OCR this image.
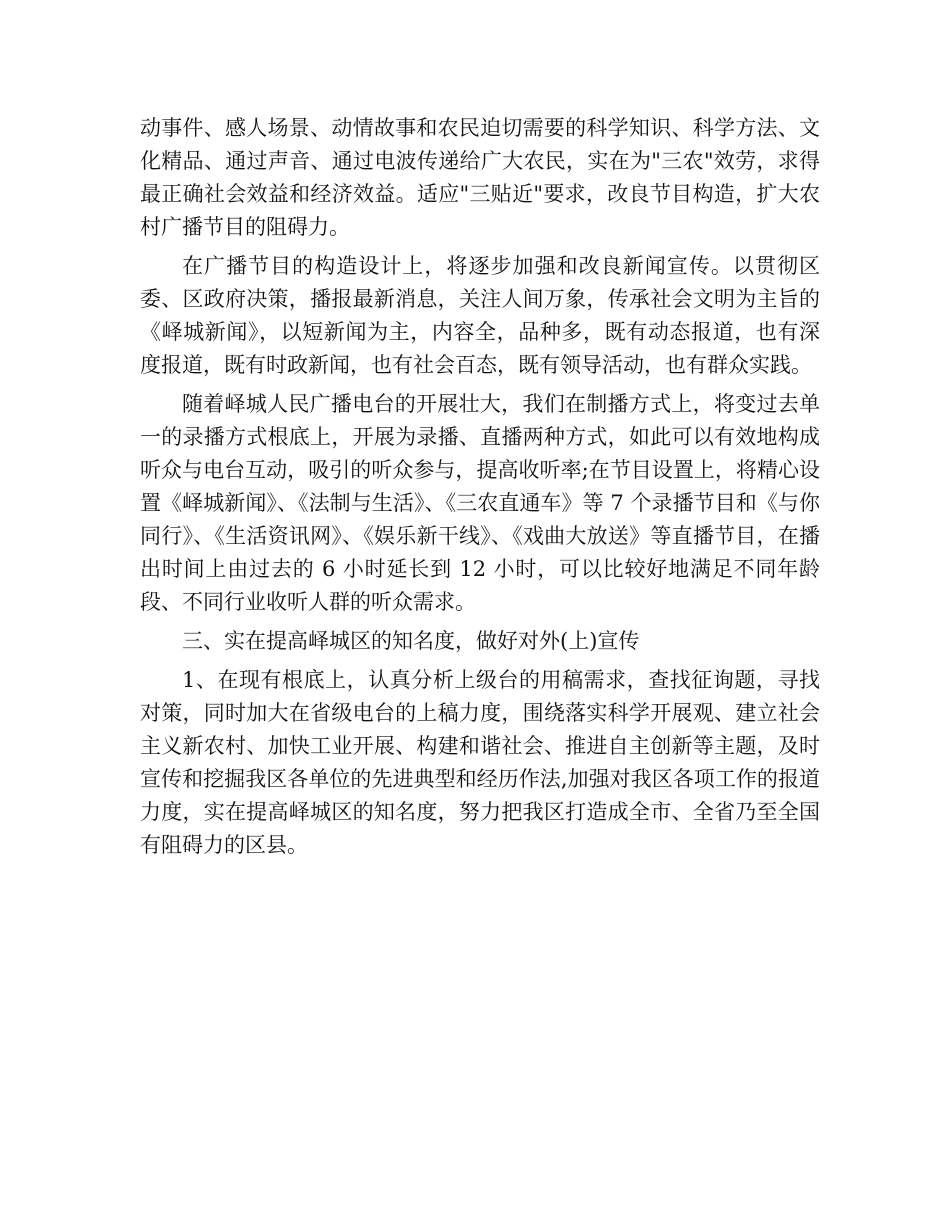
动事件、感人场景、动情故事和农民迫切需要的科学知识、科学方法、文化精品、通过声音、通过电波传递给广大农民，实在为"三农"效劳，求得最正确社会效益和经济效益。适应"三贴近"要求，改良节目构造，扩大农村广播节目的阻碍力。

在广播节目的构造设计上，将逐步加强和改良新闻宣传。以贯彻区委、区政府决策，播报最新消息，关注人间万象，传承社会文明为主旨的《峄城新闻》，以短新闻为主，内容全，品种多，既有动态报道，也有深度报道，既有时政新闻，也有社会百态，既有领导活动，也有群众实践。

随着峄城人民广播电台的开展壮大，我们在制播方式上，将变过去单一的录播方式根底上，开展为录播、直播两种方式，如此可以有效地构成听众与电台互动，吸引的听众参与，提高收听率;在节目设置上，将精心设置《峄城新闻》、《法制与生活》、《三农直通车》等 7 个录播节目和《与你同行》、《生活资讯网》、《娱乐新干线》、《戏曲大放送》等直播节目，在播出时间上由过去的 6 小时延长到 12 小时，可以比较好地满足不同年龄段、不同行业收听人群的听众需求。

三、实在提高峄城区的知名度，做好对外(上)宣传

1、在现有根底上，认真分析上级台的用稿需求，查找征询题，寻找对策，同时加大在省级电台的上稿力度，围绕落实科学开展观、建立社会主义新农村、加快工业开展、构建和谐社会、推进自主创新等主题，及时宣传和挖掘我区各单位的先进典型和经历作法,加强对我区各项工作的报道力度，实在提高峄城区的知名度，努力把我区打造成全市、全省乃至全国有阻碍力的区县。
